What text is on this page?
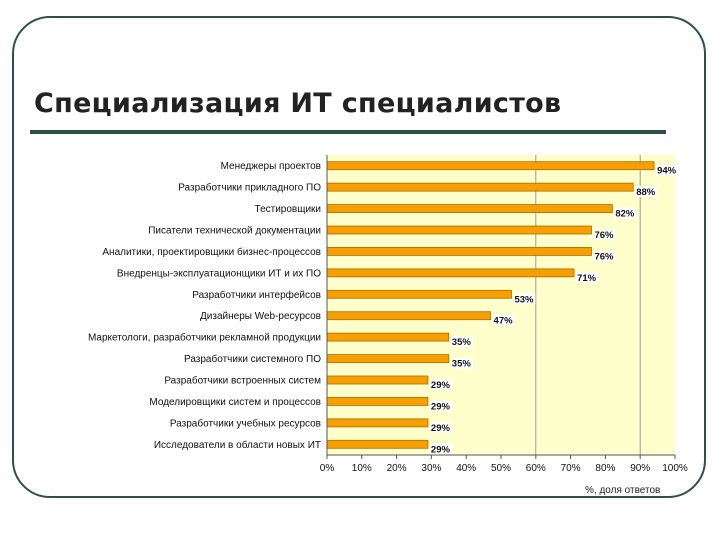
Специализация ИТ специалистов
Менеджеры проектов	94%
Разработчики прикладного ПО	88%
Тестировщики	82%
Писатели технической документации	76%
Аналитики, проектировщики бизнес-процессов	76%
Внедренцы-эксплуатационщики ИТ и их ПО	71%
Разработчики интерфейсов	53%
Дизайнеры Web-ресурсов	47%
Маркетологи, разработчики рекламной продукции	35%
Разработчики системного ПО	35%
Разработчики встроенных систем	29%
Моделировщики систем и процессов	29%
Разработчики учебных ресурсов	29%
Исследователи в области новых ИТ	29%
0% 10% 20% 30% 40% 50% 60% 70% 80% 90% 100%
%, доля ответов
